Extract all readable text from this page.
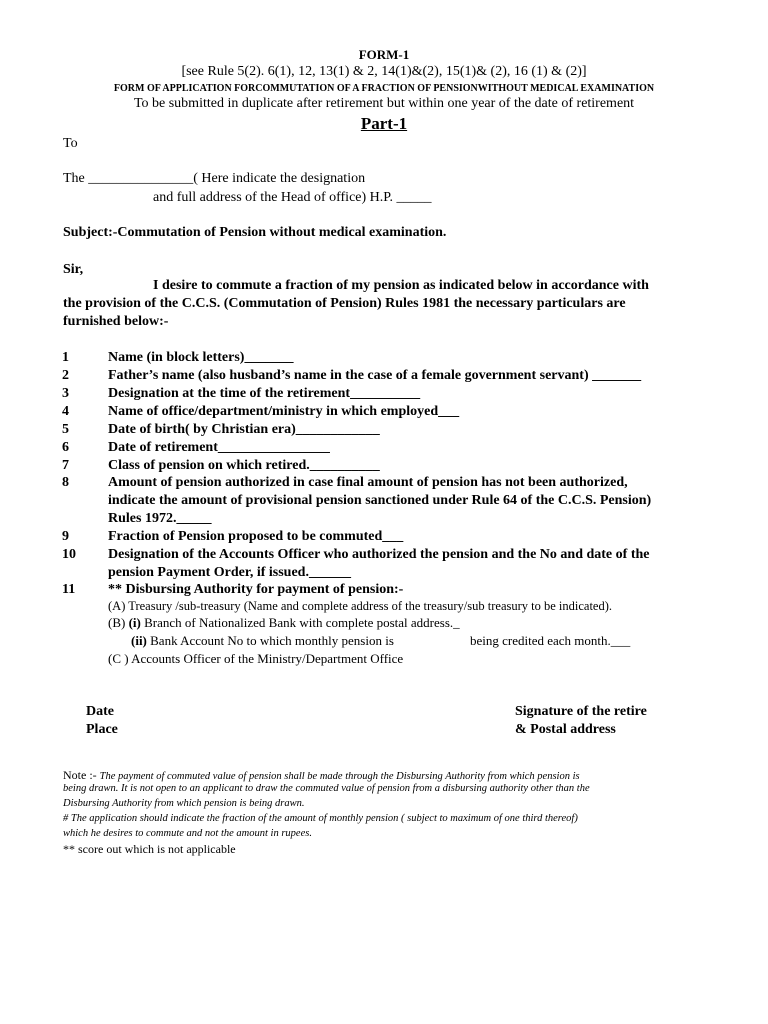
FORM-1
[see Rule 5(2). 6(1), 12, 13(1) & 2, 14(1)&(2), 15(1)& (2), 16 (1) & (2)]
FORM OF APPLICATION FORCOMMUTATION OF A FRACTION OF PENSIONWITHOUT MEDICAL EXAMINATION
To be submitted in duplicate after retirement but within one year of the date of retirement
Part-1
To
The _______________( Here indicate the designation
and full address of the Head of office) H.P. _____
Subject:-Commutation of Pension without medical examination.
Sir,
I desire to commute a fraction of my pension as indicated below in accordance with
the provision of the C.C.S. (Commutation of Pension) Rules 1981 the necessary particulars are
furnished below:-
1	Name (in block letters)_______
2	Father’s name (also husband’s name in the case of a female government servant) _______
3	Designation at the time of the retirement__________
4	Name of office/department/ministry in which employed___
5	Date of birth( by Christian era)____________
6	Date of retirement________________
7	Class of pension on which retired.__________
8	Amount of pension authorized in case final amount of pension has not been authorized,
indicate the amount of provisional pension sanctioned under Rule 64 of the C.C.S. Pension)
Rules 1972._____
9	Fraction of Pension proposed to be commuted___
10 Designation of the Accounts Officer who authorized the pension and the No and date of the
pension Payment Order, if issued.______
11 ** Disbursing Authority for payment of pension:-
(A) Treasury /sub-treasury (Name and complete address of the treasury/sub treasury to be indicated).
(B) (i) Branch of Nationalized Bank with complete postal address._
(ii) Bank Account No to which monthly pension is	being credited each month.___
(C ) Accounts Officer of the Ministry/Department Office
Date
Place
Signature of the retire
& Postal address
Note :- The payment of commuted value of pension shall be made through the Disbursing Authority from which pension is
being drawn. It is not open to an applicant to draw the commuted value of pension from a disbursing authority other than the
Disbursing Authority from which pension is being drawn.
# The application should indicate the fraction of the amount of monthly pension ( subject to maximum of one third thereof)
which he desires to commute and not the amount in rupees.
** score out which is not applicable
